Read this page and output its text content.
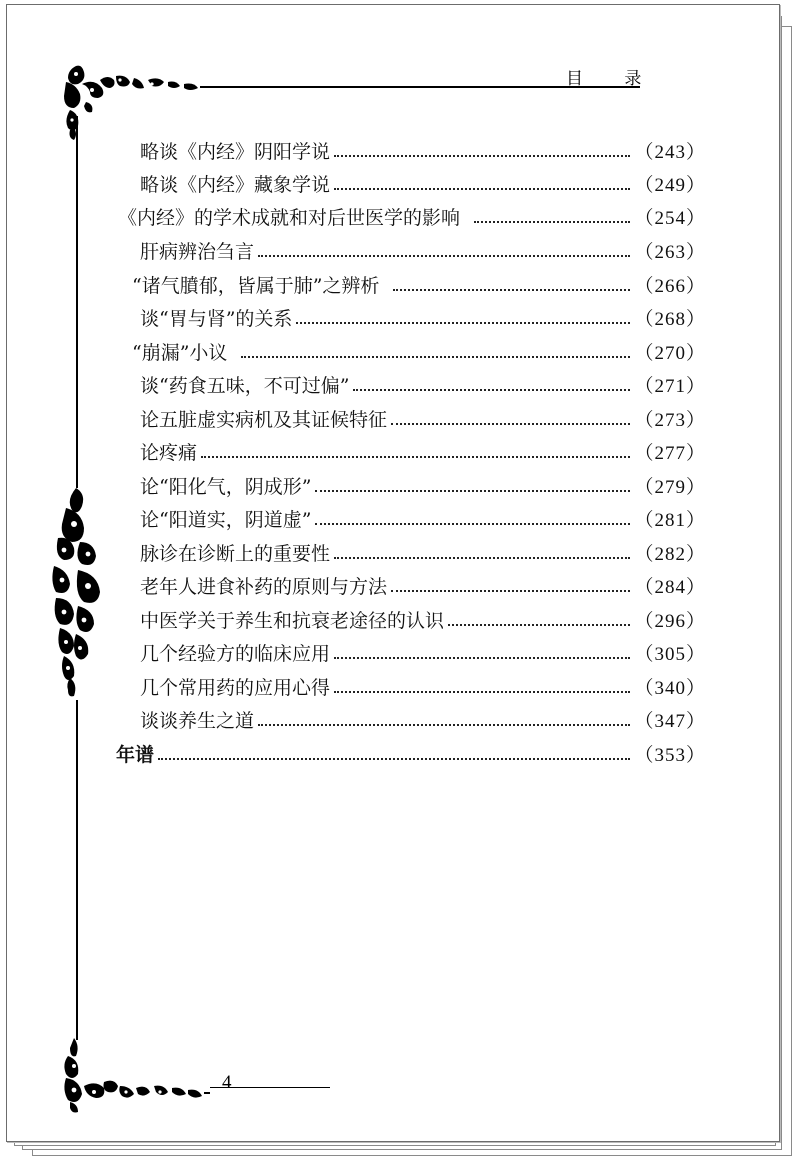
目 录
略谈《内经》阴阳学说	（243）
略谈《内经》藏象学说	（249）
《内经》的学术成就和对后世医学的影响	（254）
肝病辨治刍言	（263）
“诸气膹郁，皆属于肺”之辨析	（266）
谈“胃与肾”的关系	（268）
“崩漏”小议	（270）
谈“药食五味，不可过偏”	（271）
论五脏虚实病机及其证候特征	（273）
论疼痛	（277）
论“阳化气，阴成形”	（279）
论“阳道实，阴道虚”	（281）
脉诊在诊断上的重要性	（282）
老年人进食补药的原则与方法	（284）
中医学关于养生和抗衰老途径的认识	（296）
几个经验方的临床应用	（305）
几个常用药的应用心得	（340）
谈谈养生之道	（347）
年谱	（353）
4
